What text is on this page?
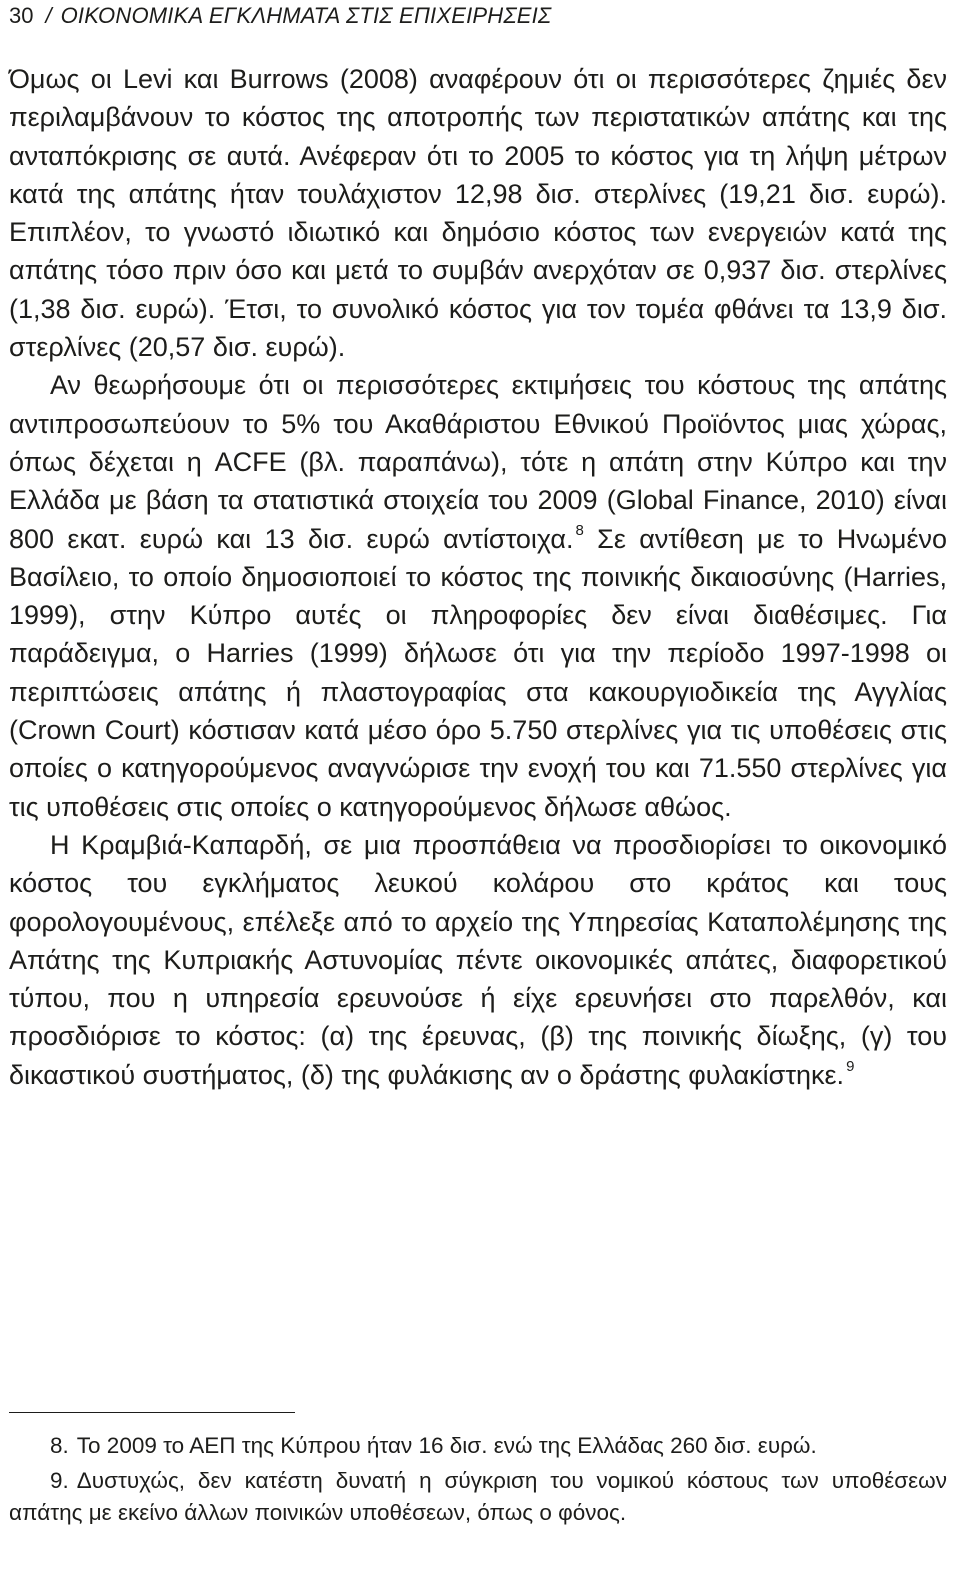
30 / ΟΙΚΟΝΟΜΙΚΑ ΕΓΚΛΗΜΑΤΑ ΣΤΙΣ ΕΠΙΧΕΙΡΗΣΕΙΣ

Όμως οι Levi και Burrows (2008) αναφέρουν ότι οι περισσότερες ζημιές δεν περιλαμβάνουν το κόστος της αποτροπής των περιστατικών απάτης και της ανταπόκρισης σε αυτά. Ανέφεραν ότι το 2005 το κόστος για τη λήψη μέτρων κατά της απάτης ήταν τουλάχιστον 12,98 δισ. στερλίνες (19,21 δισ. ευρώ). Επιπλέον, το γνωστό ιδιωτικό και δημόσιο κόστος των ενεργειών κατά της απάτης τόσο πριν όσο και μετά το συμβάν ανερχόταν σε 0,937 δισ. στερλίνες (1,38 δισ. ευρώ). Έτσι, το συνολικό κόστος για τον τομέα φθάνει τα 13,9 δισ. στερλίνες (20,57 δισ. ευρώ).

Αν θεωρήσουμε ότι οι περισσότερες εκτιμήσεις του κόστους της απάτης αντιπροσωπεύουν το 5% του Ακαθάριστου Εθνικού Προϊόντος μιας χώρας, όπως δέχεται η ACFE (βλ. παραπάνω), τότε η απάτη στην Κύπρο και την Ελλάδα με βάση τα στατιστικά στοιχεία του 2009 (Global Finance, 2010) είναι 800 εκατ. ευρώ και 13 δισ. ευρώ αντίστοιχα. $^8$ Σε αντίθεση με το Ηνωμένο Βασίλειο, το οποίο δημοσιοποιεί το κόστος της ποινικής δικαιοσύνης (Harries, 1999), στην Κύπρο αυτές οι πληροφορίες δεν είναι διαθέσιμες. Για παράδειγμα, ο Harries (1999) δήλωσε ότι για την περίοδο 1997-1998 οι περιπτώσεις απάτης ή πλαστογραφίας στα κακουργιοδικεία της Αγγλίας (Crown Court) κόστισαν κατά μέσο όρο 5.750 στερλίνες για τις υποθέσεις στις οποίες ο κατηγορούμενος αναγνώρισε την ενοχή του και 71.550 στερλίνες για τις υποθέσεις στις οποίες ο κατηγορούμενος δήλωσε αθώος.

Η Κραμβιά-Καπαρδή, σε μια προσπάθεια να προσδιορίσει το οικονομικό κόστος του εγκλήματος λευκού κολάρου στο κράτος και τους φορολογουμένους, επέλεξε από το αρχείο της Υπηρεσίας Καταπολέμησης της Απάτης της Κυπριακής Αστυνομίας πέντε οικονομικές απάτες, διαφορετικού τύπου, που η υπηρεσία ερευνούσε ή είχε ερευνήσει στο παρελθόν, και προσδιόρισε το κόστος: (α) της έρευνας, (β) της ποινικής δίωξης, (γ) του δικαστικού συστήματος, (δ) της φυλάκισης αν ο δράστης φυλακίστηκε. $^9$

8. Το 2009 το ΑΕΠ της Κύπρου ήταν 16 δισ. ενώ της Ελλάδας 260 δισ. ευρώ.

9. Δυστυχώς, δεν κατέστη δυνατή η σύγκριση του νομικού κόστους των υποθέσεων απάτης με εκείνο άλλων ποινικών υποθέσεων, όπως ο φόνος.
